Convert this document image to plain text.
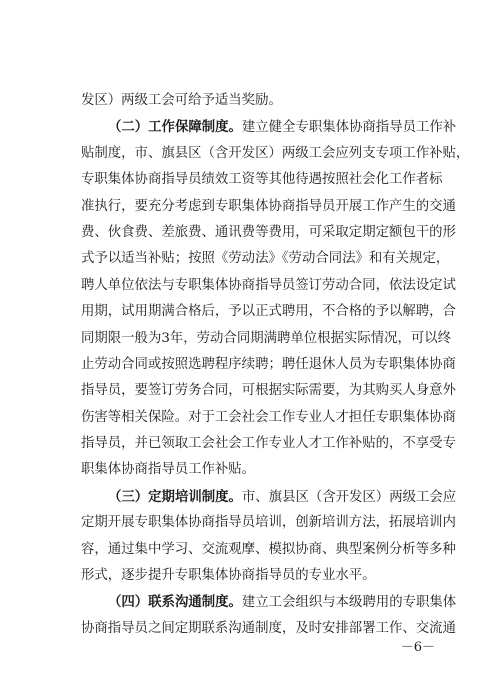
发区）两级工会可给予适当奖励。
（二）工作保障制度。建立健全专职集体协商指导员工作补
贴制度，市、旗县区（含开发区）两级工会应列支专项工作补贴，
专职集体协商指导员绩效工资等其他待遇按照社会化工作者标
准执行，要充分考虑到专职集体协商指导员开展工作产生的交通
费、伙食费、差旅费、通讯费等费用，可采取定期定额包干的形
式予以适当补贴；按照《劳动法》《劳动合同法》和有关规定，
聘人单位依法与专职集体协商指导员签订劳动合同，依法设定试
用期，试用期满合格后，予以正式聘用，不合格的予以解聘，合
同期限一般为3年，劳动合同期满聘单位根据实际情况，可以终
止劳动合同或按照选聘程序续聘；聘任退休人员为专职集体协商
指导员，要签订劳务合同，可根据实际需要，为其购买人身意外
伤害等相关保险。对于工会社会工作专业人才担任专职集体协商
指导员，并已领取工会社会工作专业人才工作补贴的，不享受专
职集体协商指导员工作补贴。
（三）定期培训制度。市、旗县区（含开发区）两级工会应
定期开展专职集体协商指导员培训，创新培训方法，拓展培训内
容，通过集中学习、交流观摩、模拟协商、典型案例分析等多种
形式，逐步提升专职集体协商指导员的专业水平。
（四）联系沟通制度。建立工会组织与本级聘用的专职集体
协商指导员之间定期联系沟通制度，及时安排部署工作、交流通
－6－
